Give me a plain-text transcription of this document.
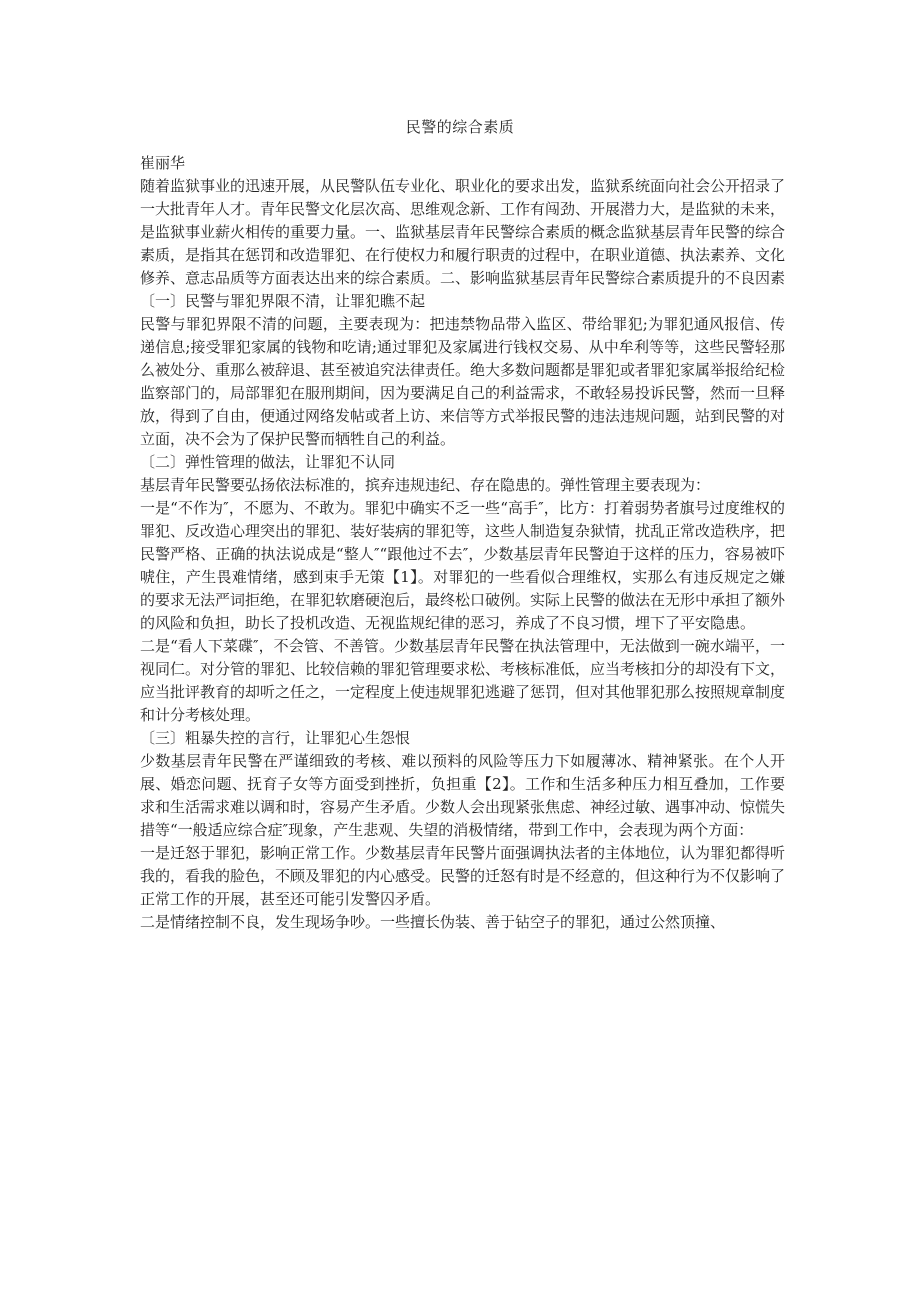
民警的综合素质

崔丽华

随着监狱事业的迅速开展，从民警队伍专业化、职业化的要求出发，监狱系统面向社会公开招录了一大批青年人才。青年民警文化层次高、思维观念新、工作有闯劲、开展潜力大，是监狱的未来，是监狱事业薪火相传的重要力量。一、监狱基层青年民警综合素质的概念监狱基层青年民警的综合素质，是指其在惩罚和改造罪犯、在行使权力和履行职责的过程中，在职业道德、执法素养、文化修养、意志品质等方面表达出来的综合素质。二、影响监狱基层青年民警综合素质提升的不良因素

〔一〕民警与罪犯界限不清，让罪犯瞧不起

民警与罪犯界限不清的问题，主要表现为：把违禁物品带入监区、带给罪犯;为罪犯通风报信、传递信息;接受罪犯家属的钱物和吃请;通过罪犯及家属进行钱权交易、从中牟利等等，这些民警轻那么被处分、重那么被辞退、甚至被追究法律责任。绝大多数问题都是罪犯或者罪犯家属举报给纪检监察部门的，局部罪犯在服刑期间，因为要满足自己的利益需求，不敢轻易投诉民警，然而一旦释放，得到了自由，便通过网络发帖或者上访、来信等方式举报民警的违法违规问题，站到民警的对立面，决不会为了保护民警而牺牲自己的利益。

〔二〕弹性管理的做法，让罪犯不认同

基层青年民警要弘扬依法标准的，摈弃违规违纪、存在隐患的。弹性管理主要表现为：

一是“不作为″，不愿为、不敢为。罪犯中确实不乏一些“高手″，比方：打着弱势者旗号过度维权的罪犯、反改造心理突出的罪犯、装好装病的罪犯等，这些人制造复杂狱情，扰乱正常改造秩序，把民警严格、正确的执法说成是“整人″“跟他过不去″，少数基层青年民警迫于这样的压力，容易被吓唬住，产生畏难情绪，感到束手无策【1】。对罪犯的一些看似合理维权，实那么有违反规定之嫌的要求无法严词拒绝，在罪犯软磨硬泡后，最终松口破例。实际上民警的做法在无形中承担了额外的风险和负担，助长了投机改造、无视监规纪律的恶习，养成了不良习惯，埋下了平安隐患。

二是“看人下菜碟″，不会管、不善管。少数基层青年民警在执法管理中，无法做到一碗水端平，一视同仁。对分管的罪犯、比较信赖的罪犯管理要求松、考核标准低，应当考核扣分的却没有下文，应当批评教育的却听之任之，一定程度上使违规罪犯逃避了惩罚，但对其他罪犯那么按照规章制度和计分考核处理。

〔三〕粗暴失控的言行，让罪犯心生怨恨

少数基层青年民警在严谨细致的考核、难以预料的风险等压力下如履薄冰、精神紧张。在个人开展、婚恋问题、抚育子女等方面受到挫折，负担重【2】。工作和生活多种压力相互叠加，工作要求和生活需求难以调和时，容易产生矛盾。少数人会出现紧张焦虑、神经过敏、遇事冲动、惊慌失措等“一般适应综合症″现象，产生悲观、失望的消极情绪，带到工作中，会表现为两个方面：

一是迁怒于罪犯，影响正常工作。少数基层青年民警片面强调执法者的主体地位，认为罪犯都得听我的，看我的脸色，不顾及罪犯的内心感受。民警的迁怒有时是不经意的，但这种行为不仅影响了正常工作的开展，甚至还可能引发警囚矛盾。

二是情绪控制不良，发生现场争吵。一些擅长伪装、善于钻空子的罪犯，通过公然顶撞、
